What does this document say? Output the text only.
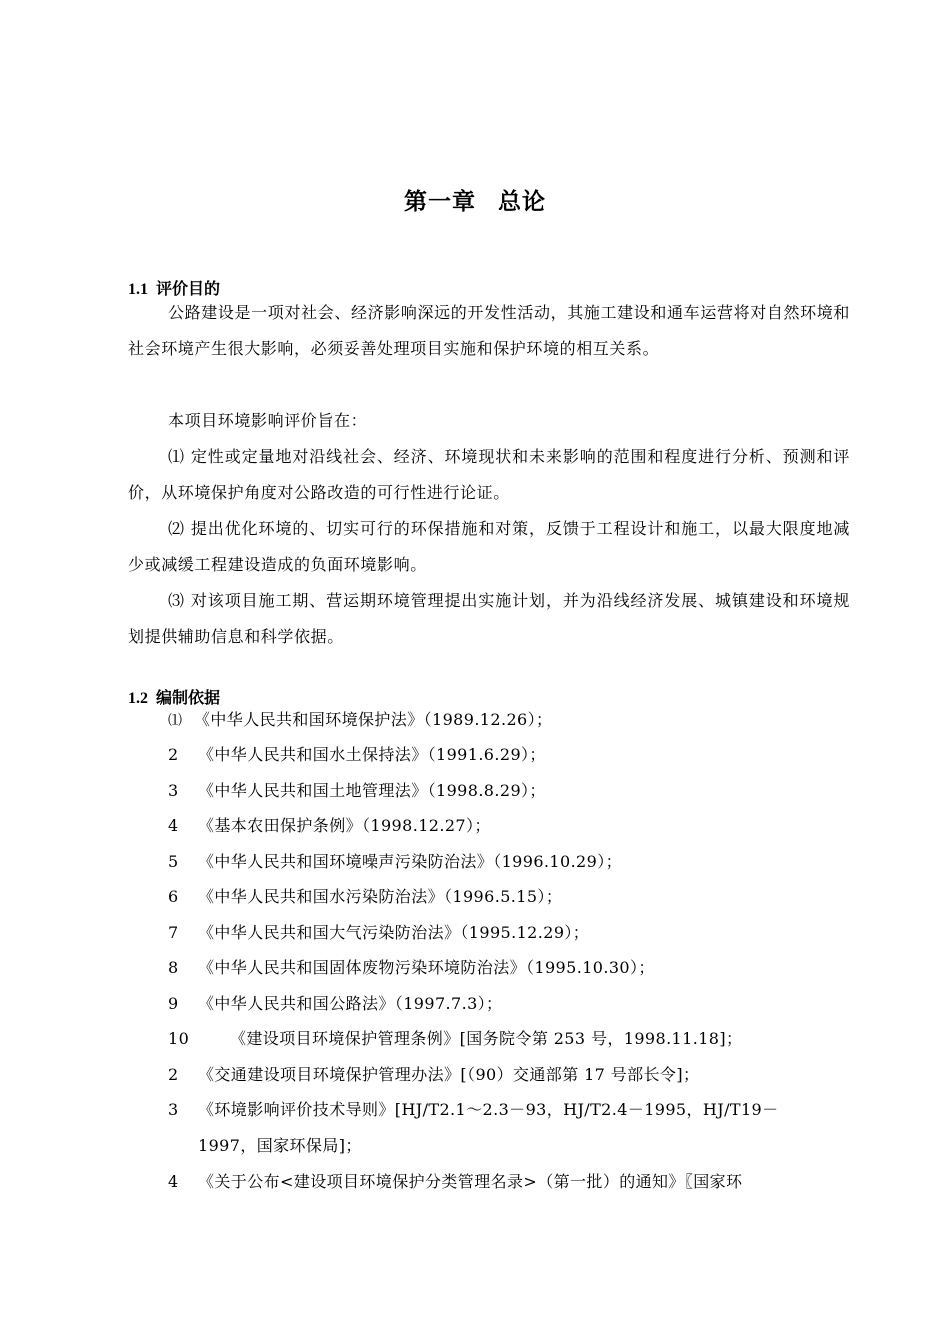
第一章 总论
1.1 评价目的
公路建设是一项对社会、经济影响深远的开发性活动，其施工建设和通车运营将对自然环境和社会环境产生很大影响，必须妥善处理项目实施和保护环境的相互关系。
本项目环境影响评价旨在：
⑴ 定性或定量地对沿线社会、经济、环境现状和未来影响的范围和程度进行分析、预测和评价，从环境保护角度对公路改造的可行性进行论证。
⑵ 提出优化环境的、切实可行的环保措施和对策，反馈于工程设计和施工，以最大限度地减少或减缓工程建设造成的负面环境影响。
⑶ 对该项目施工期、营运期环境管理提出实施计划，并为沿线经济发展、城镇建设和环境规划提供辅助信息和科学依据。
1.2 编制依据
⑴ 《中华人民共和国环境保护法》（1989.12.26）；
2 《中华人民共和国水土保持法》（1991.6.29）；
3 《中华人民共和国土地管理法》（1998.8.29）；
4 《基本农田保护条例》（1998.12.27）；
5 《中华人民共和国环境噪声污染防治法》（1996.10.29）；
6 《中华人民共和国水污染防治法》（1996.5.15）；
7 《中华人民共和国大气污染防治法》（1995.12.29）；
8 《中华人民共和国固体废物污染环境防治法》（1995.10.30）；
9 《中华人民共和国公路法》（1997.7.3）；
10	《建设项目环境保护管理条例》[国务院令第 253 号，1998.11.18]；
2 《交通建设项目环境保护管理办法》[（90）交通部第 17 号部长令]；
3 《环境影响评价技术导则》[HJ/T2.1～2.3－93，HJ/T2.4－1995，HJ/T19－
1997，国家环保局]；
4 《关于公布<建设项目环境保护分类管理名录>（第一批）的通知》〖国家环
